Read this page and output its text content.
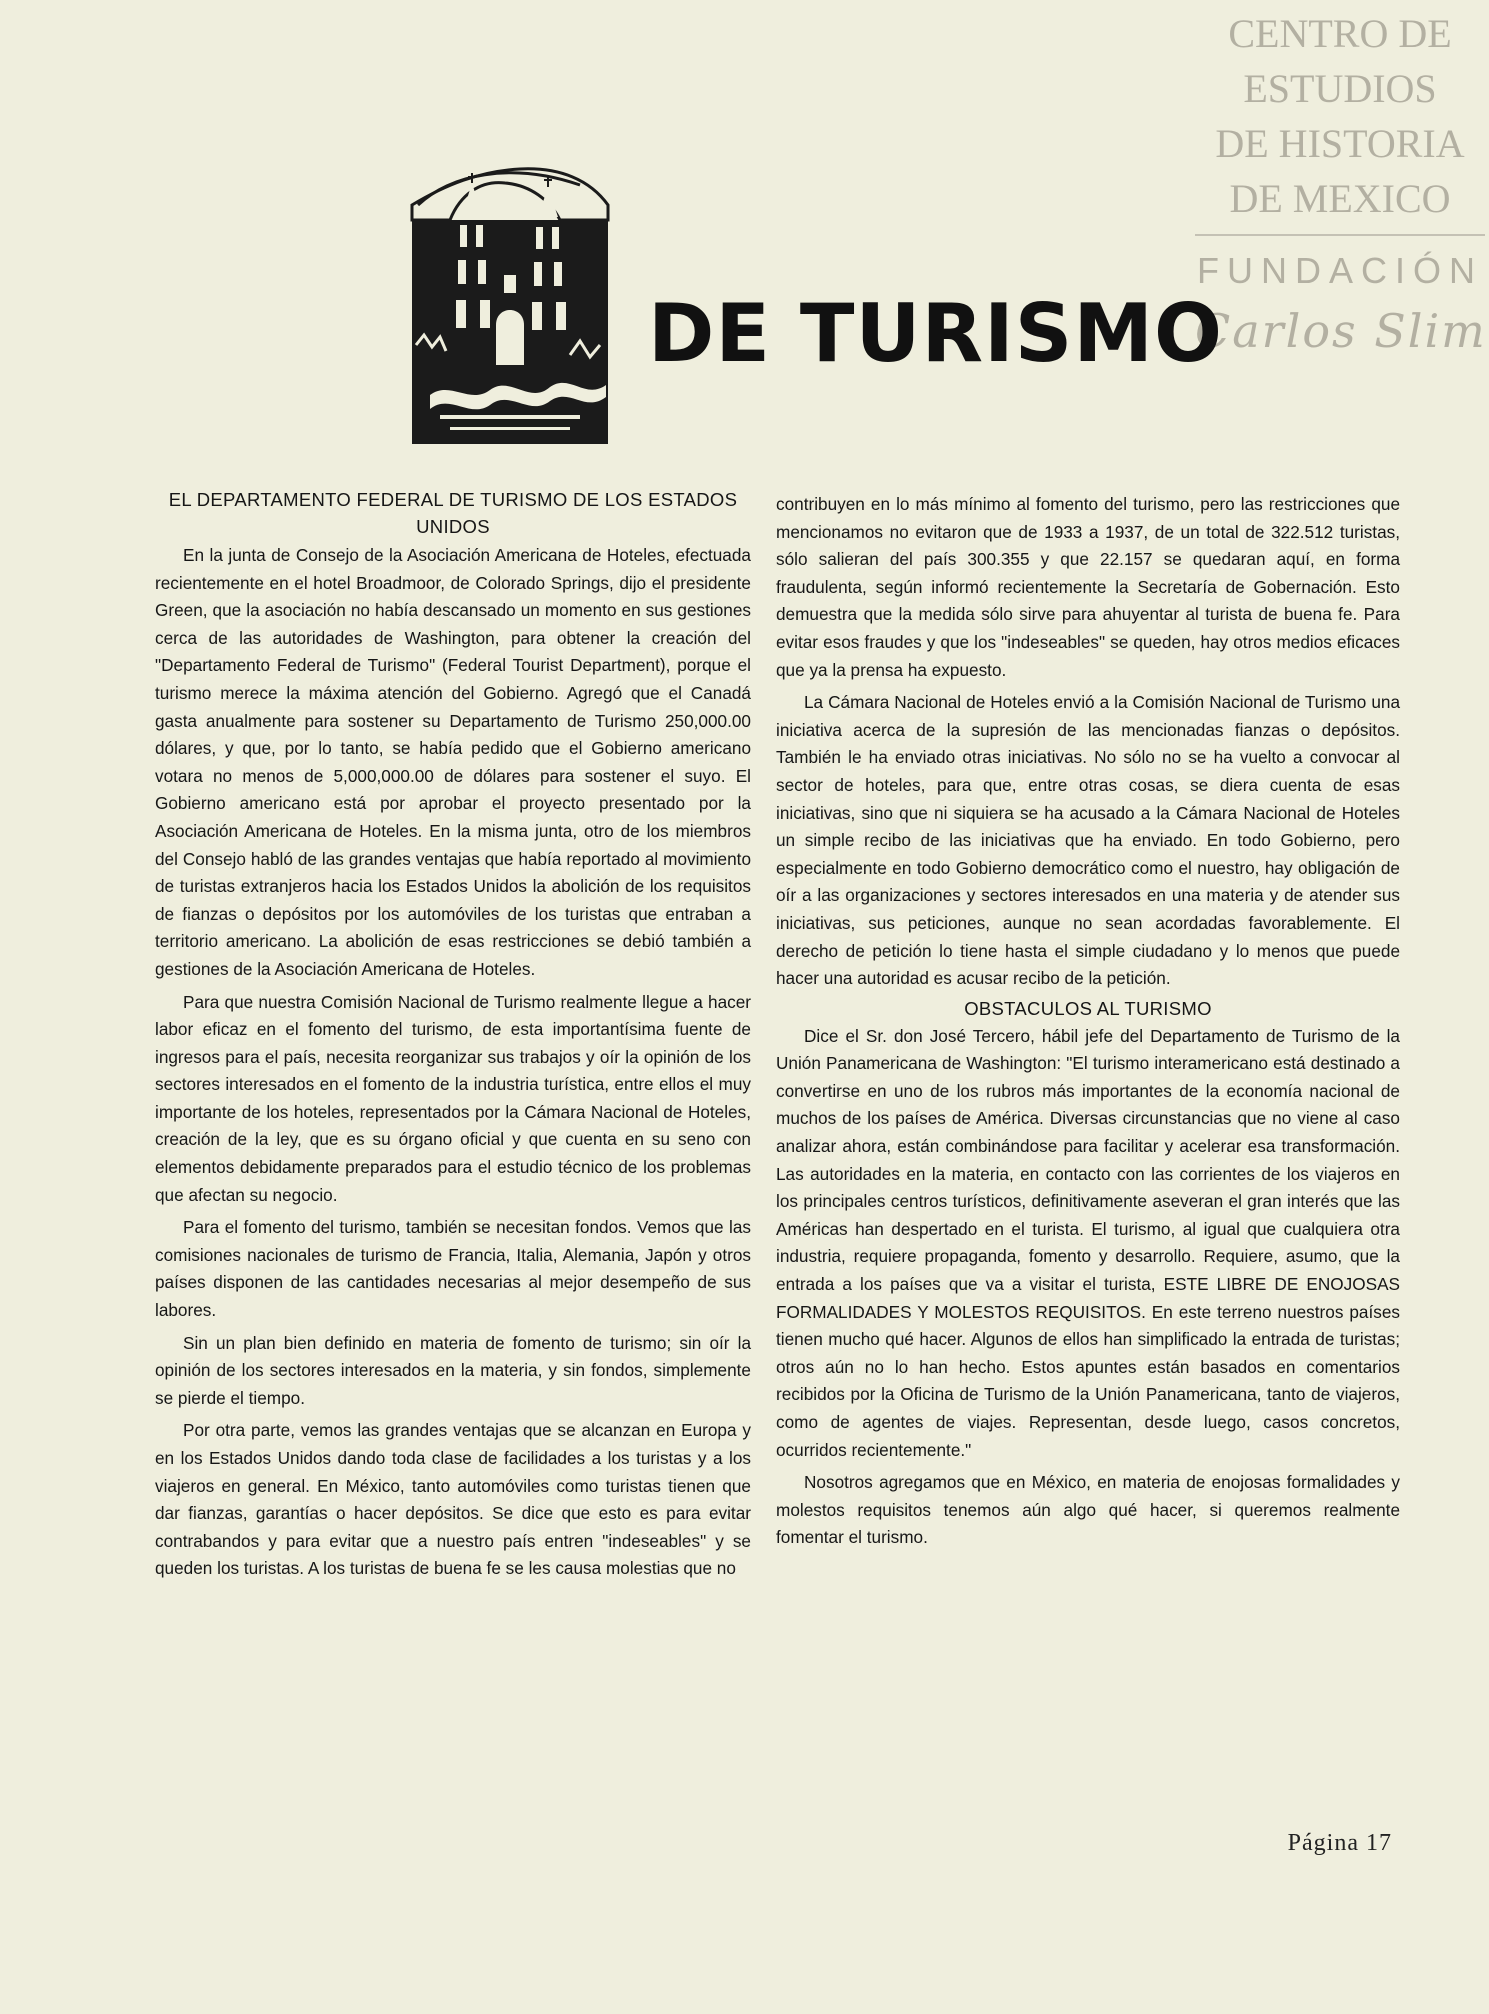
CENTRO DE
ESTUDIOS
DE HISTORIA
DE MEXICO
FUNDACIÓN
Carlos Slim
DE TURISMO
EL DEPARTAMENTO FEDERAL DE TURISMO DE LOS ESTADOS UNIDOS

En la junta de Consejo de la Asociación Americana de Hoteles, efectuada recientemente en el hotel Broadmoor, de Colorado Springs, dijo el presidente Green, que la asociación no había descansado un momento en sus gestiones cerca de las autoridades de Washington, para obtener la creación del "Departamento Federal de Turismo" (Federal Tourist Department), porque el turismo merece la máxima atención del Gobierno. Agregó que el Canadá gasta anualmente para sostener su Departamento de Turismo 250,000.00 dólares, y que, por lo tanto, se había pedido que el Gobierno americano votara no menos de 5,000,000.00 de dólares para sostener el suyo. El Gobierno americano está por aprobar el proyecto presentado por la Asociación Americana de Hoteles. En la misma junta, otro de los miembros del Consejo habló de las grandes ventajas que había reportado al movimiento de turistas extranjeros hacia los Estados Unidos la abolición de los requisitos de fianzas o depósitos por los automóviles de los turistas que entraban a territorio americano. La abolición de esas restricciones se debió también a gestiones de la Asociación Americana de Hoteles.

Para que nuestra Comisión Nacional de Turismo realmente llegue a hacer labor eficaz en el fomento del turismo, de esta importantísima fuente de ingresos para el país, necesita reorganizar sus trabajos y oír la opinión de los sectores interesados en el fomento de la industria turística, entre ellos el muy importante de los hoteles, representados por la Cámara Nacional de Hoteles, creación de la ley, que es su órgano oficial y que cuenta en su seno con elementos debidamente preparados para el estudio técnico de los problemas que afectan su negocio.

Para el fomento del turismo, también se necesitan fondos. Vemos que las comisiones nacionales de turismo de Francia, Italia, Alemania, Japón y otros países disponen de las cantidades necesarias al mejor desempeño de sus labores.

Sin un plan bien definido en materia de fomento de turismo; sin oír la opinión de los sectores interesados en la materia, y sin fondos, simplemente se pierde el tiempo.

Por otra parte, vemos las grandes ventajas que se alcanzan en Europa y en los Estados Unidos dando toda clase de facilidades a los turistas y a los viajeros en general. En México, tanto automóviles como turistas tienen que dar fianzas, garantías o hacer depósitos. Se dice que esto es para evitar contrabandos y para evitar que a nuestro país entren "indeseables" y se queden los turistas. A los turistas de buena fe se les causa molestias que no

contribuyen en lo más mínimo al fomento del turismo, pero las restricciones que mencionamos no evitaron que de 1933 a 1937, de un total de 322.512 turistas, sólo salieran del país 300.355 y que 22.157 se quedaran aquí, en forma fraudulenta, según informó recientemente la Secretaría de Gobernación. Esto demuestra que la medida sólo sirve para ahuyentar al turista de buena fe. Para evitar esos fraudes y que los "indeseables" se queden, hay otros medios eficaces que ya la prensa ha expuesto.

La Cámara Nacional de Hoteles envió a la Comisión Nacional de Turismo una iniciativa acerca de la supresión de las mencionadas fianzas o depósitos. También le ha enviado otras iniciativas. No sólo no se ha vuelto a convocar al sector de hoteles, para que, entre otras cosas, se diera cuenta de esas iniciativas, sino que ni siquiera se ha acusado a la Cámara Nacional de Hoteles un simple recibo de las iniciativas que ha enviado. En todo Gobierno, pero especialmente en todo Gobierno democrático como el nuestro, hay obligación de oír a las organizaciones y sectores interesados en una materia y de atender sus iniciativas, sus peticiones, aunque no sean acordadas favorablemente. El derecho de petición lo tiene hasta el simple ciudadano y lo menos que puede hacer una autoridad es acusar recibo de la petición.

OBSTACULOS AL TURISMO

Dice el Sr. don José Tercero, hábil jefe del Departamento de Turismo de la Unión Panamericana de Washington: "El turismo interamericano está destinado a convertirse en uno de los rubros más importantes de la economía nacional de muchos de los países de América. Diversas circunstancias que no viene al caso analizar ahora, están combinándose para facilitar y acelerar esa transformación. Las autoridades en la materia, en contacto con las corrientes de los viajeros en los principales centros turísticos, definitivamente aseveran el gran interés que las Américas han despertado en el turista. El turismo, al igual que cualquiera otra industria, requiere propaganda, fomento y desarrollo. Requiere, asumo, que la entrada a los países que va a visitar el turista, ESTE LIBRE DE ENOJOSAS FORMALIDADES Y MOLESTOS REQUISITOS. En este terreno nuestros países tienen mucho qué hacer. Algunos de ellos han simplificado la entrada de turistas; otros aún no lo han hecho. Estos apuntes están basados en comentarios recibidos por la Oficina de Turismo de la Unión Panamericana, tanto de viajeros, como de agentes de viajes. Representan, desde luego, casos concretos, ocurridos recientemente."

Nosotros agregamos que en México, en materia de enojosas formalidades y molestos requisitos tenemos aún algo qué hacer, si queremos realmente fomentar el turismo.

Página 17
